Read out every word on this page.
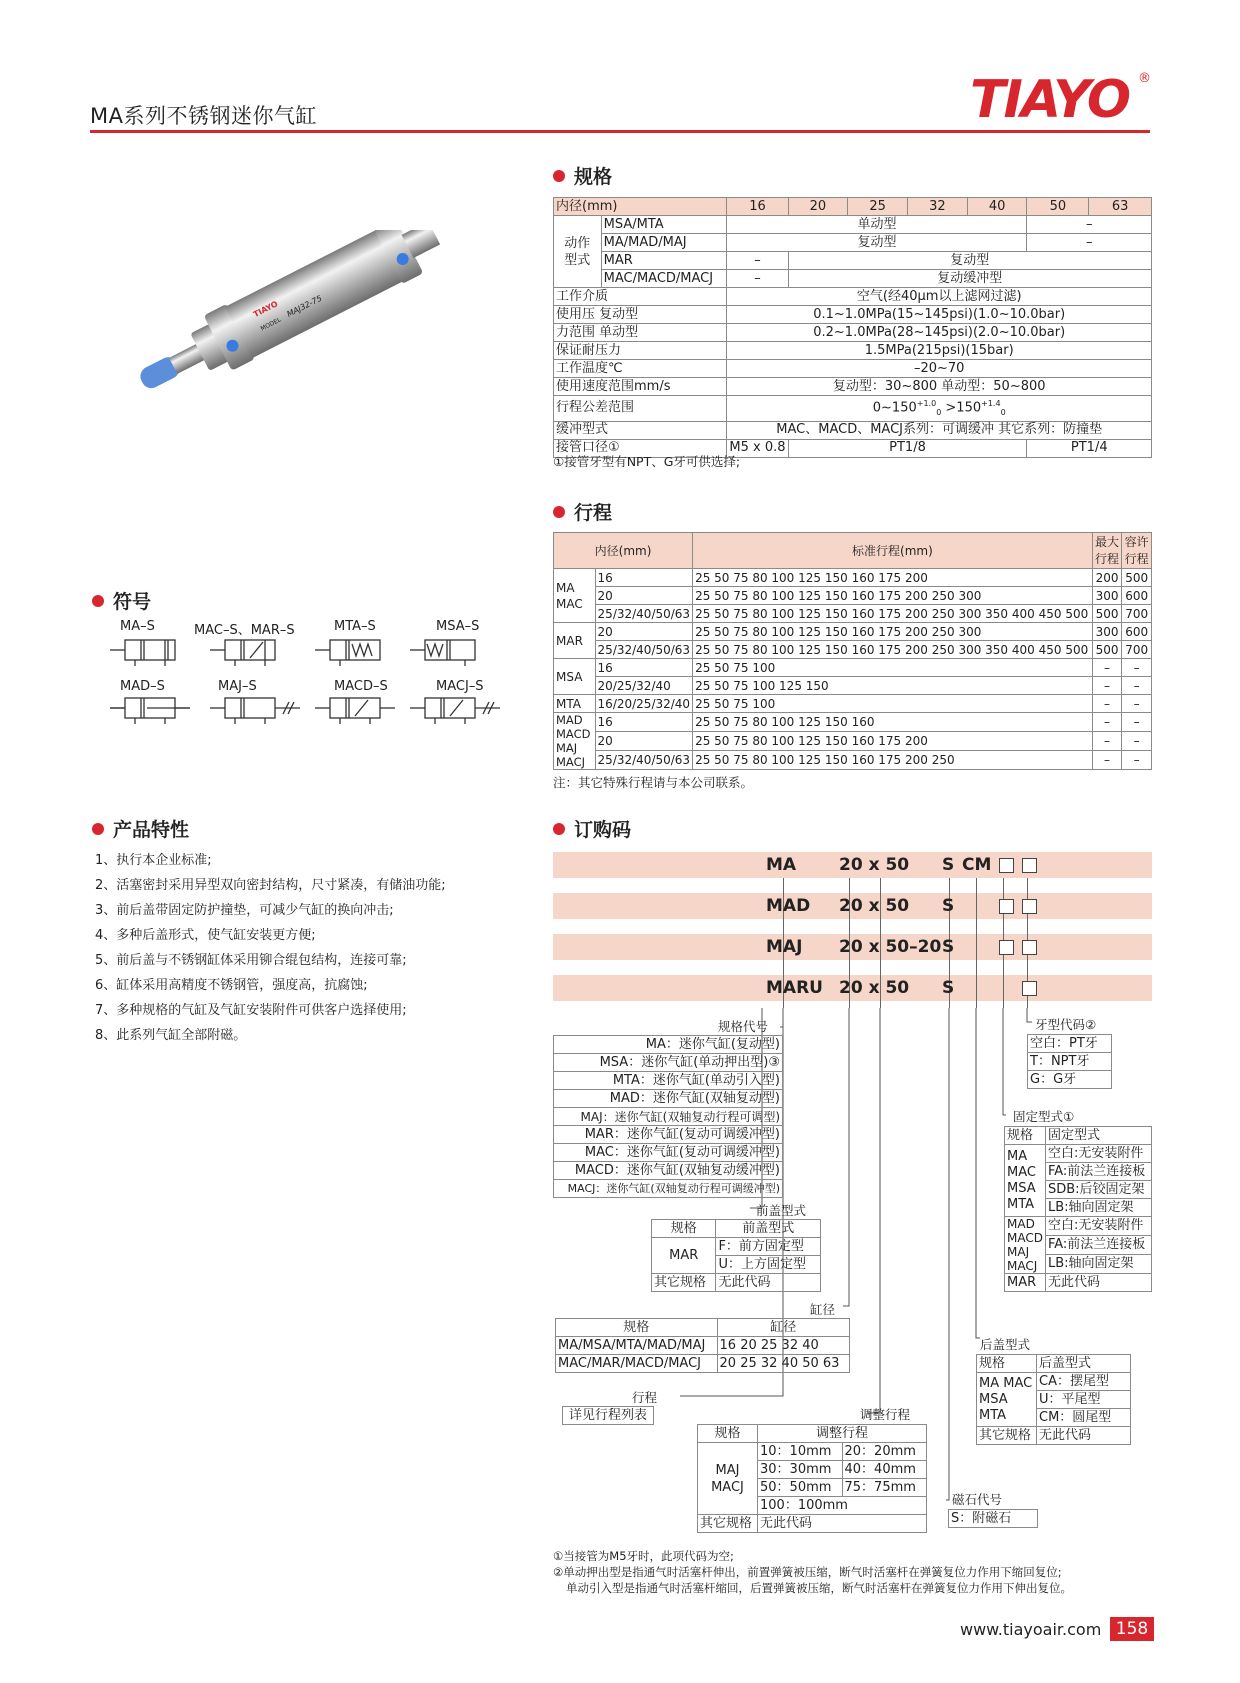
MA系列不锈钢迷你气缸	TIAYO ®
TIAYO
MODEL
MAJ32-75
规格
内径(mm)		16	20	25	32	40	50	63
动作型式	MSA/MTA	单动型					–	
	MA/MAD/MAJ	复动型					–	
	MAR	–	复动型					
	MAC/MACD/MACJ	–	复动缓冲型					
工作介质		空气(经40μm以上滤网过滤)						
使用压 复动型		0.1~1.0MPa(15~145psi)(1.0~10.0bar)						
力范围 单动型		0.2~1.0MPa(28~145psi)(2.0~10.0bar)						
保证耐压力		1.5MPa(215psi)(15bar)						
工作温度℃		–20~70						
使用速度范围mm/s		复动型：30~800 单动型：50~800						
行程公差范围		$0\sim 150^{+1.0}_0 >150^{+1.4}_0$
缓冲型式		MAC、MACD、MACJ系列：可调缓冲 其它系列：防撞垫						
接管口径①		M5 x 0.8	PT1/8				PT1/4	
①接管牙型有NPT、G牙可供选择;
行程
内径(mm)		标准行程(mm)	最大行程	容许行程
MA MAC	16	25 50 75 80 100 125 150 160 175 200	200	500
	20	25 50 75 80 100 125 150 160 175 200 250 300	300	600
	25/32/40/50/63	25 50 75 80 100 125 150 160 175 200 250 300 350 400 450 500	500	700
MAR	20	25 50 75 80 100 125 150 160 175 200 250 300	300	600
	25/32/40/50/63	25 50 75 80 100 125 150 160 175 200 250 300 350 400 450 500	500	700
MSA	16	25 50 75 100	–	–
	20/25/32/40	25 50 75 100 125 150	–	–
MTA	16/20/25/32/40	25 50 75 100	–	–
MAD MACD MAJ MACJ	16	25 50 75 80 100 125 150 160	–	–
	20	25 50 75 80 100 125 150 160 175 200	–	–
	25/32/40/50/63	25 50 75 80 100 125 150 160 175 200 250	–	–
注：其它特殊行程请与本公司联系。
符号
MA–S	MAC–S、MAR–S	MTA–S	MSA–S
MAD–S	MAJ–S	MACD–S	MACJ–S
产品特性
1、执行本企业标准;
2、活塞密封采用异型双向密封结构，尺寸紧凑，有储油功能;
3、前后盖带固定防护撞垫，可减少气缸的换向冲击;
4、多种后盖形式，使气缸安装更方便;
5、前后盖与不锈钢缸体采用铆合绲包结构，连接可靠;
6、缸体采用高精度不锈钢管，强度高，抗腐蚀;
7、多种规格的气缸及气缸安装附件可供客户选择使用;
8、此系列气缸全部附磁。
订购码
MA	20 x 50 S CM
MAD 20 x 50 S
MAJ 20 x 50–20 S
MARU 20 x 50 S
规格代号
MA：迷你气缸(复动型)
MSA：迷你气缸(单动押出型)③
MTA：迷你气缸(单动引入型)
MAD：迷你气缸(双轴复动型)
MAJ：迷你气缸(双轴复动行程可调型)
MAR：迷你气缸(复动可调缓冲型)
MAC：迷你气缸(复动可调缓冲型)
MACD：迷你气缸(双轴复动缓冲型)
MACJ：迷你气缸(双轴复动行程可调缓冲型)
前盖型式
规格	前盖型式
MAR	F：前方固定型
	U：上方固定型
其它规格	无此代码
缸径
规格	缸径
MA/MSA/MTA/MAD/MAJ	16 20 25 32 40
MAC/MAR/MACD/MACJ	20 25 32 40 50 63
行程
详见行程列表	调整行程
规格	调整行程	
MAJ MACJ	10：10mm	20：20mm
	30：30mm	40：40mm
	50：50mm	75：75mm
	100：100mm	
其它规格	无此代码	
牙型代码②
空白：PT牙
T：NPT牙
G：G牙
固定型式①
规格	固定型式
MA MAC MSA MTA	空白:无安装附件
	FA:前法兰连接板
	SDB:后铰固定架
	LB:轴向固定架
MAD MACD MAJ MACJ	空白:无安装附件
	FA:前法兰连接板
	LB:轴向固定架
MAR	无此代码
后盖型式
规格	后盖型式
MA MAC MSA MTA	CA：摆尾型
	U：平尾型
	CM：圆尾型
其它规格	无此代码
磁石代号
S：附磁石
①当接管为M5牙时，此项代码为空;
②单动押出型是指通气时活塞杆伸出，前置弹簧被压缩，断气时活塞杆在弹簧复位力作用下缩回复位;
单动引入型是指通气时活塞杆缩回，后置弹簧被压缩，断气时活塞杆在弹簧复位力作用下伸出复位。
www.tiayoair.com 158
